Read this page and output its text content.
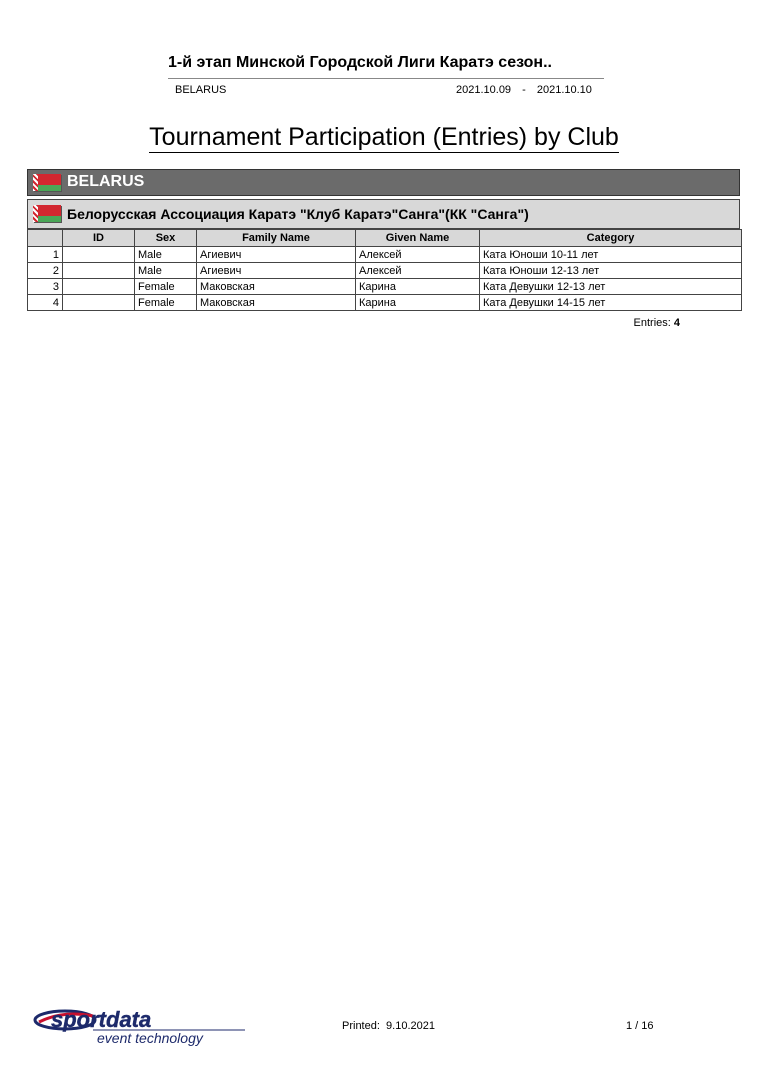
1-й этап Минской Городской Лиги Каратэ сезон..
BELARUS	2021.10.09 - 2021.10.10
Tournament Participation (Entries) by Club
BELARUS
Белорусская Ассоциация Каратэ "Клуб Каратэ"Санга"(КК "Санга")
	ID	Sex	Family Name	Given Name	Category
1		Male	Агиевич	Алексей	Ката Юноши 10-11 лет
2		Male	Агиевич	Алексей	Ката Юноши 12-13 лет
3		Female	Маковская	Карина	Ката Девушки 12-13 лет
4		Female	Маковская	Карина	Ката Девушки 14-15 лет
Entries: 4
sportdata
event technology
Printed: 9.10.2021	1 / 16
